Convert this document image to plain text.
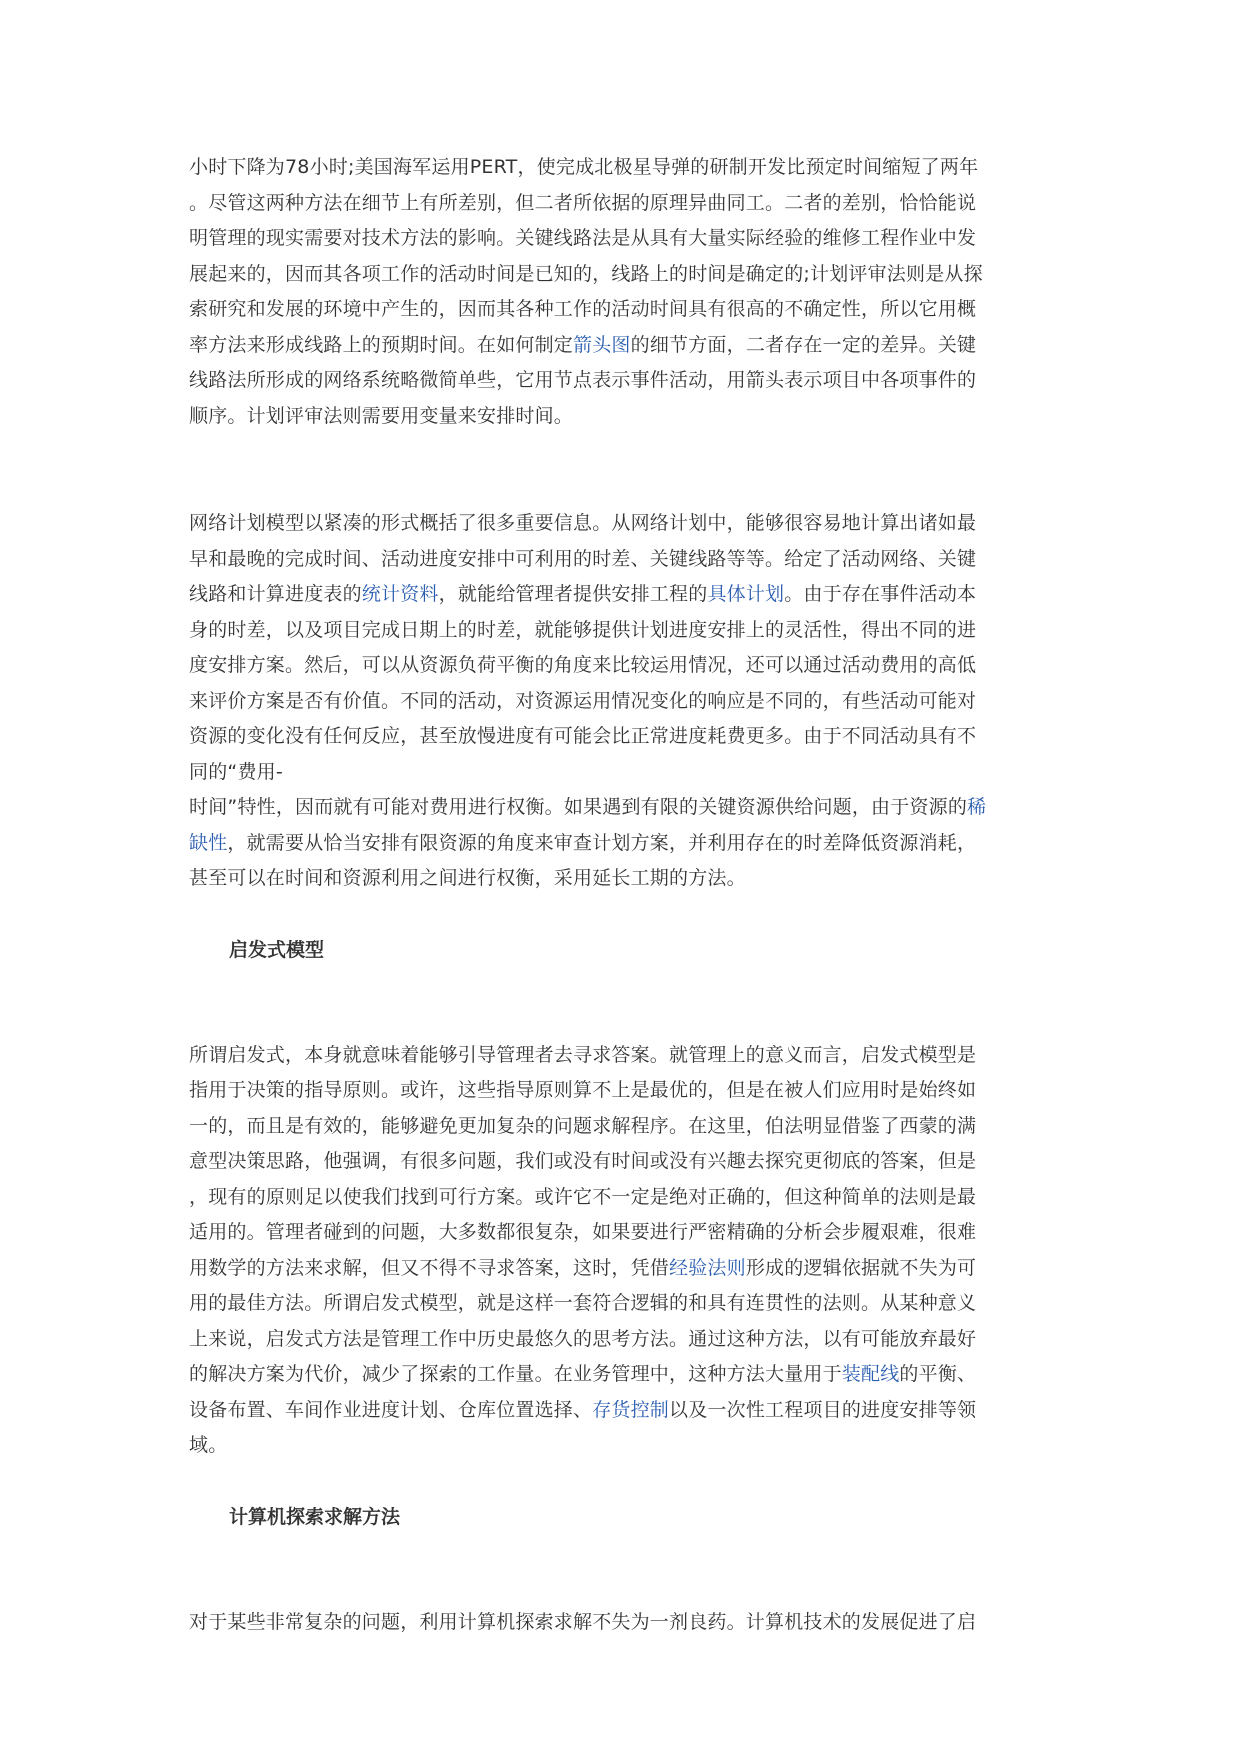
小时下降为78小时;美国海军运用PERT，使完成北极星导弹的研制开发比预定时间缩短了两年

。尽管这两种方法在细节上有所差别，但二者所依据的原理异曲同工。二者的差别，恰恰能说

明管理的现实需要对技术方法的影响。关键线路法是从具有大量实际经验的维修工程作业中发

展起来的，因而其各项工作的活动时间是已知的，线路上的时间是确定的;计划评审法则是从探

索研究和发展的环境中产生的，因而其各种工作的活动时间具有很高的不确定性，所以它用概

率方法来形成线路上的预期时间。在如何制定箭头图的细节方面，二者存在一定的差异。关键

线路法所形成的网络系统略微简单些，它用节点表示事件活动，用箭头表示项目中各项事件的

顺序。计划评审法则需要用变量来安排时间。

网络计划模型以紧凑的形式概括了很多重要信息。从网络计划中，能够很容易地计算出诸如最

早和最晚的完成时间、活动进度安排中可利用的时差、关键线路等等。给定了活动网络、关键

线路和计算进度表的统计资料，就能给管理者提供安排工程的具体计划。由于存在事件活动本

身的时差，以及项目完成日期上的时差，就能够提供计划进度安排上的灵活性，得出不同的进

度安排方案。然后，可以从资源负荷平衡的角度来比较运用情况，还可以通过活动费用的高低

来评价方案是否有价值。不同的活动，对资源运用情况变化的响应是不同的，有些活动可能对

资源的变化没有任何反应，甚至放慢进度有可能会比正常进度耗费更多。由于不同活动具有不

同的“费用-

时间”特性，因而就有可能对费用进行权衡。如果遇到有限的关键资源供给问题，由于资源的稀

缺性，就需要从恰当安排有限资源的角度来审查计划方案，并利用存在的时差降低资源消耗，

甚至可以在时间和资源利用之间进行权衡，采用延长工期的方法。

启发式模型

所谓启发式，本身就意味着能够引导管理者去寻求答案。就管理上的意义而言，启发式模型是

指用于决策的指导原则。或许，这些指导原则算不上是最优的，但是在被人们应用时是始终如

一的，而且是有效的，能够避免更加复杂的问题求解程序。在这里，伯法明显借鉴了西蒙的满

意型决策思路，他强调，有很多问题，我们或没有时间或没有兴趣去探究更彻底的答案，但是

，现有的原则足以使我们找到可行方案。或许它不一定是绝对正确的，但这种简单的法则是最

适用的。管理者碰到的问题，大多数都很复杂，如果要进行严密精确的分析会步履艰难，很难

用数学的方法来求解，但又不得不寻求答案，这时，凭借经验法则形成的逻辑依据就不失为可

用的最佳方法。所谓启发式模型，就是这样一套符合逻辑的和具有连贯性的法则。从某种意义

上来说，启发式方法是管理工作中历史最悠久的思考方法。通过这种方法，以有可能放弃最好

的解决方案为代价，减少了探索的工作量。在业务管理中，这种方法大量用于装配线的平衡、

设备布置、车间作业进度计划、仓库位置选择、存货控制以及一次性工程项目的进度安排等领

域。

计算机探索求解方法

对于某些非常复杂的问题，利用计算机探索求解不失为一剂良药。计算机技术的发展促进了启
